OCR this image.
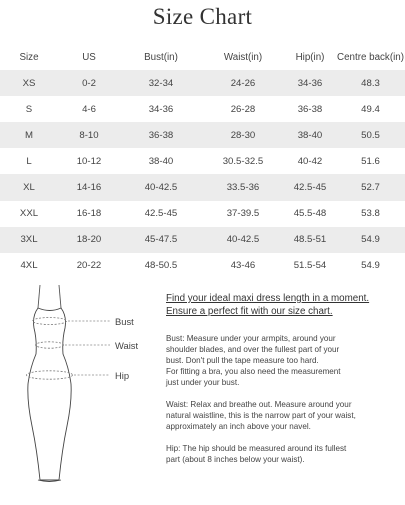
Size Chart
Size	US	Bust(in)	Waist(in)	Hip(in)	Centre back(in)
XS	0-2	32-34	24-26	34-36	48.3
S	4-6	34-36	26-28	36-38	49.4
M	8-10	36-38	28-30	38-40	50.5
L	10-12	38-40	30.5-32.5	40-42	51.6
XL	14-16	40-42.5	33.5-36	42.5-45	52.7
XXL	16-18	42.5-45	37-39.5	45.5-48	53.8
3XL	18-20	45-47.5	40-42.5	48.5-51	54.9
4XL	20-22	48-50.5	43-46	51.5-54	54.9
Bust
Waist
Hip
Find your ideal maxi dress length in a moment.
Ensure a perfect fit with our size chart.
Bust: Measure under your armpits, around your
shoulder blades, and over the fullest part of your
bust. Don't pull the tape measure too hard.
For fitting a bra, you also need the measurement
just under your bust.
Waist: Relax and breathe out. Measure around your
natural waistline, this is the narrow part of your waist,
approximately an inch above your navel.
Hip: The hip should be measured around its fullest
part (about 8 inches below your waist).
